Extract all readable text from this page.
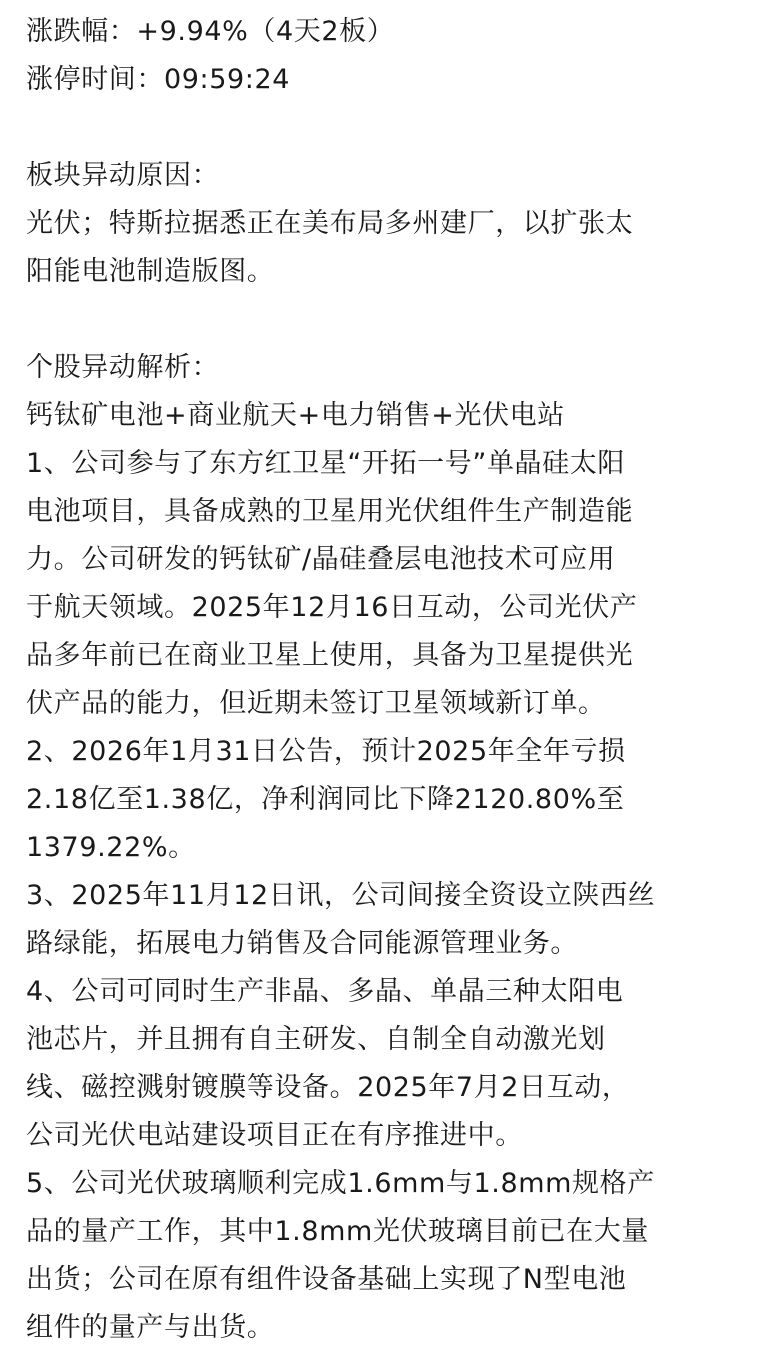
涨跌幅：+9.94%（4天2板）
涨停时间：09:59:24
板块异动原因：
光伏；特斯拉据悉正在美布局多州建厂，以扩张太
阳能电池制造版图。
个股异动解析：
钙钛矿电池+商业航天+电力销售+光伏电站
1、公司参与了东方红卫星“开拓一号”单晶硅太阳
电池项目，具备成熟的卫星用光伏组件生产制造能
力。公司研发的钙钛矿/晶硅叠层电池技术可应用
于航天领域。2025年12月16日互动，公司光伏产
品多年前已在商业卫星上使用，具备为卫星提供光
伏产品的能力，但近期未签订卫星领域新订单。
2、2026年1月31日公告，预计2025年全年亏损
2.18亿至1.38亿，净利润同比下降2120.80%至
1379.22%。
3、2025年11月12日讯，公司间接全资设立陕西丝
路绿能，拓展电力销售及合同能源管理业务。
4、公司可同时生产非晶、多晶、单晶三种太阳电
池芯片，并且拥有自主研发、自制全自动激光划
线、磁控溅射镀膜等设备。2025年7月2日互动，
公司光伏电站建设项目正在有序推进中。
5、公司光伏玻璃顺利完成1.6mm与1.8mm规格产
品的量产工作，其中1.8mm光伏玻璃目前已在大量
出货；公司在原有组件设备基础上实现了N型电池
组件的量产与出货。
